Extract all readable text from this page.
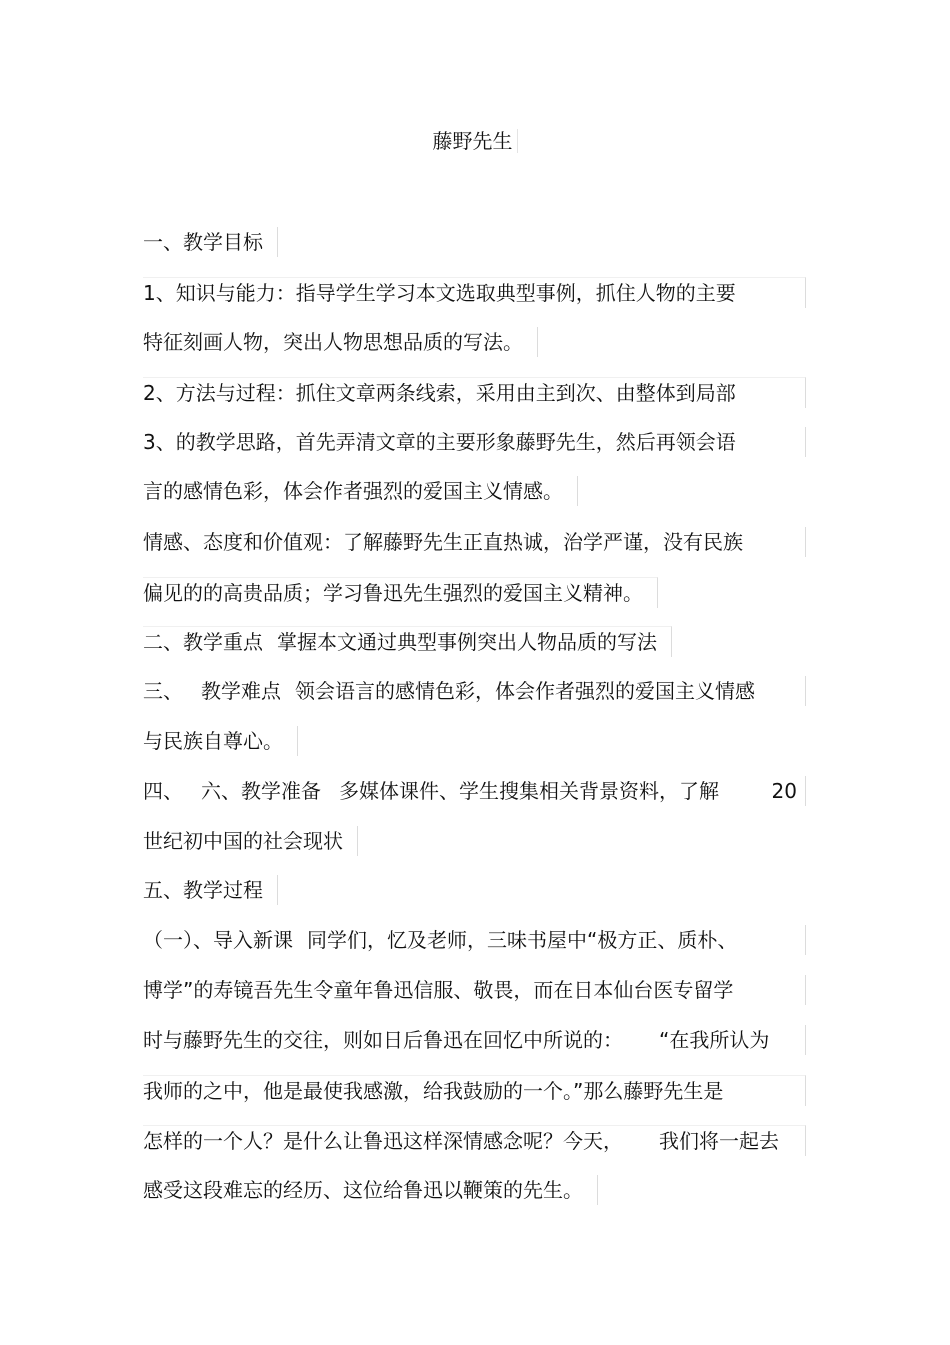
藤野先生
一、教学目标
1、知识与能力：指导学生学习本文选取典型事例，抓住人物的主要
特征刻画人物，突出人物思想品质的写法。
2、方法与过程：抓住文章两条线索，采用由主到次、由整体到局部
3、的教学思路，首先弄清文章的主要形象藤野先生，然后再领会语
言的感情色彩，体会作者强烈的爱国主义情感。
情感、态度和价值观：了解藤野先生正直热诚，治学严谨，没有民族
偏见的的高贵品质；学习鲁迅先生强烈的爱国主义精神。
二、教学重点 掌握本文通过典型事例突出人物品质的写法
三、 教学难点 领会语言的感情色彩，体会作者强烈的爱国主义情感
与民族自尊心。
四、 六、教学准备 多媒体课件、学生搜集相关背景资料，了解	20
世纪初中国的社会现状
五、教学过程
（一）、导入新课 同学们，忆及老师，三味书屋中“极方正、质朴、
博学”的寿镜吾先生令童年鲁迅信服、敬畏，而在日本仙台医专留学
时与藤野先生的交往，则如日后鲁迅在回忆中所说的： “在我所认为
我师的之中，他是最使我感激，给我鼓励的一个。”那么藤野先生是
怎样的一个人？是什么让鲁迅这样深情感念呢？今天， 我们将一起去
感受这段难忘的经历、这位给鲁迅以鞭策的先生。
